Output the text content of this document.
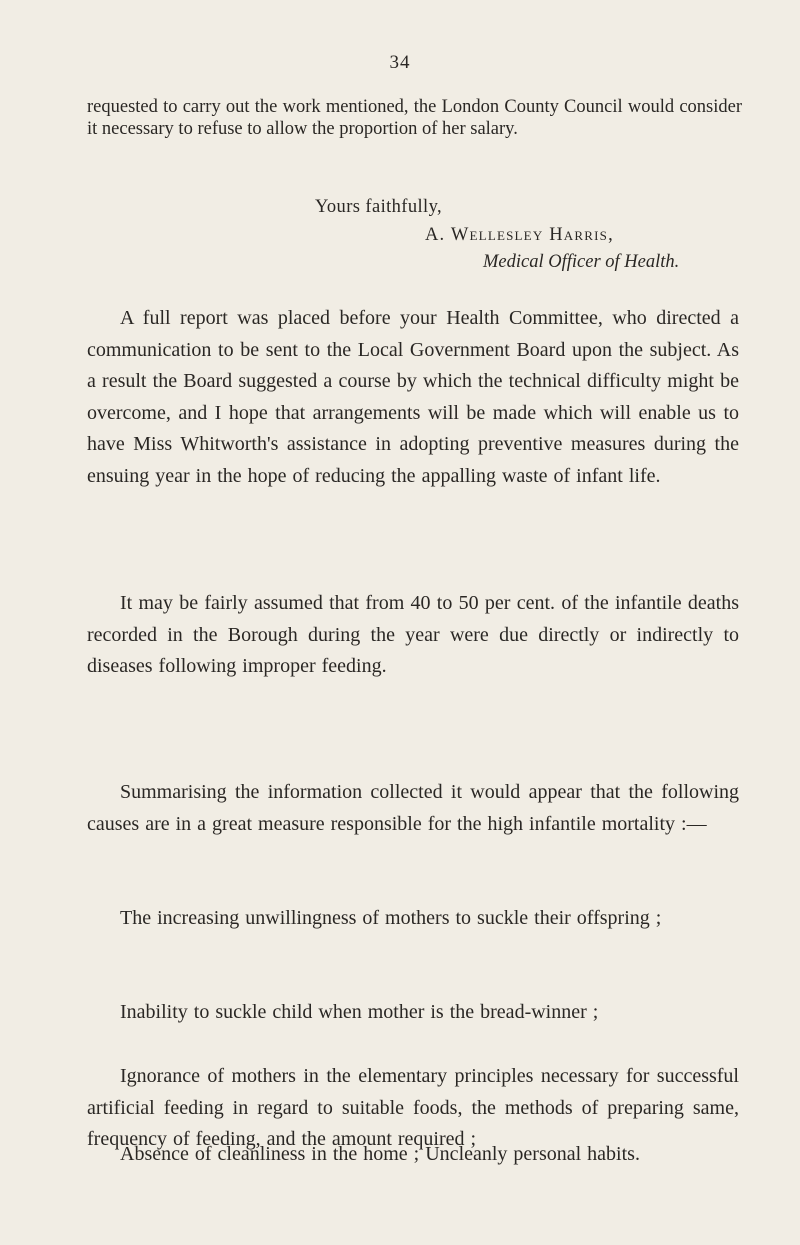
34

requested to carry out the work mentioned, the London County Council would consider it necessary to refuse to allow the proportion of her salary.

Yours faithfully,

A. Wellesley Harris,

Medical Officer of Health.

A full report was placed before your Health Committee, who directed a communication to be sent to the Local Government Board upon the subject. As a result the Board suggested a course by which the technical difficulty might be overcome, and I hope that arrangements will be made which will enable us to have Miss Whitworth's assistance in adopting preventive measures during the ensuing year in the hope of reducing the appalling waste of infant life.

It may be fairly assumed that from 40 to 50 per cent. of the infantile deaths recorded in the Borough during the year were due directly or indirectly to diseases following improper feeding.

Summarising the information collected it would appear that the following causes are in a great measure responsible for the high infantile mortality :—

The increasing unwillingness of mothers to suckle their offspring ;

Inability to suckle child when mother is the bread-winner ;

Ignorance of mothers in the elementary principles necessary for successful artificial feeding in regard to suitable foods, the methods of preparing same, frequency of feeding, and the amount required ;

Absence of cleanliness in the home ; Uncleanly personal habits.
